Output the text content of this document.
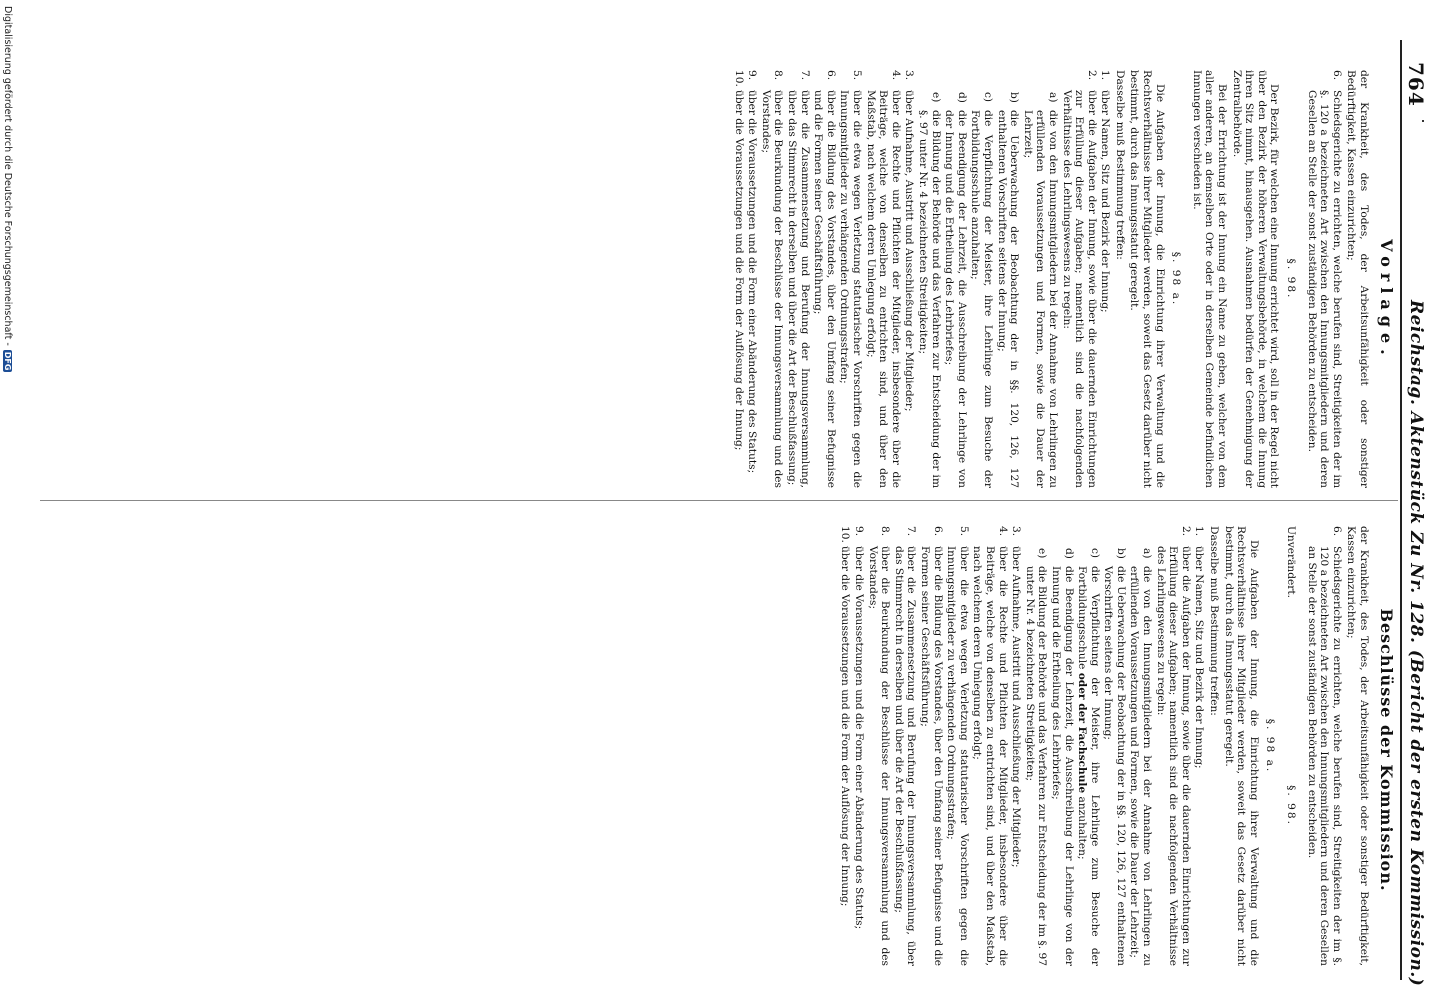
764
Reichstag. Aktenstück Zu Nr. 128. (Bericht der ersten Kommission.)
Vorlage.
Beschlüsse der Kommission.

der Krankheit, des Todes, der Arbeitsunfähigkeit oder sonstiger Bedürftigkeit, Kassen einzurichten;

6.
Schiedsgerichte zu errichten, welche berufen sind, Streitigkeiten der im §. 120 a bezeichneten Art zwischen den Innungsmitgliedern und deren Gesellen an Stelle der sonst zuständigen Behörden zu entscheiden.
§. 98.

Der Bezirk, für welchen eine Innung errichtet wird, soll in der Regel nicht über den Bezirk der höheren Verwaltungsbehörde, in welchem die Innung ihren Sitz nimmt, hinausgehen. Ausnahmen bedürfen der Genehmigung der Zentralbehörde.

Bei der Errichtung ist der Innung ein Name zu geben, welcher von dem aller anderen, an demselben Orte oder in derselben Gemeinde befindlichen Innungen verschieden ist.

§. 98 a.

Die Aufgaben der Innung, die Einrichtung ihrer Verwaltung und die Rechtsverhältnisse ihrer Mitglieder werden, soweit das Gesetz darüber nicht bestimmt, durch das Innungsstatut geregelt.

Dasselbe muß Bestimmung treffen:

1.
über Namen, Sitz und Bezirk der Innung;
2.
über die Aufgaben der Innung, sowie über die dauernden Einrichtungen zur Erfüllung dieser Aufgaben; namentlich sind die nachfolgenden Verhältnisse des Lehrlingswesens zu regeln:
a)
die von den Innungsmitgliedern bei der Annahme von Lehrlingen zu erfüllenden Voraussetzungen und Formen, sowie die Dauer der Lehrzeit;
b)
die Ueberwachung der Beobachtung der in §§. 120, 126, 127 enthaltenen Vorschriften seitens der Innung;
c)
die Verpflichtung der Meister, ihre Lehrlinge zum Besuche der Fortbildungsschule anzuhalten;
d)
die Beendigung der Lehrzeit, die Ausschreibung der Lehrlinge von der Innung und die Ertheilung des Lehrbriefes;
e)
die Bildung der Behörde und das Verfahren zur Entscheidung der im §. 97 unter Nr. 4 bezeichneten Streitigkeiten;
3.
über Aufnahme, Austritt und Ausschließung der Mitglieder;
4.
über die Rechte und Pflichten der Mitglieder, insbesondere über die Beiträge, welche von denselben zu entrichten sind, und über den Maßstab, nach welchem deren Umlegung erfolgt;
5.
über die etwa wegen Verletzung statutarischer Vorschriften gegen die Innungsmitglieder zu verhängenden Ordnungsstrafen;
6.
über die Bildung des Vorstandes, über den Umfang seiner Befugnisse und die Formen seiner Geschäftsführung;
7.
über die Zusammensetzung und Berufung der Innungsversammlung, über das Stimmrecht in derselben und über die Art der Beschlußfassung;
8.
über die Beurkundung der Beschlüsse der Innungsversammlung und des Vorstandes;
9.
über die Voraussetzungen und die Form einer Abänderung des Statuts;
10.
über die Voraussetzungen und die Form der Auflösung der Innung;

der Krankheit, des Todes, der Arbeitsunfähigkeit oder sonstiger Bedürftigkeit, Kassen einzurichten;

6.
Schiedsgerichte zu errichten, welche berufen sind, Streitigkeiten der im §. 120 a bezeichneten Art zwischen den Innungsmitgliedern und deren Gesellen an Stelle der sonst zuständigen Behörden zu entscheiden.
Unverändert.
§. 98.
§. 98 a.

Die Aufgaben der Innung, die Einrichtung ihrer Verwaltung und die Rechtsverhältnisse ihrer Mitglieder werden, soweit das Gesetz darüber nicht bestimmt, durch das Innungsstatut geregelt.

Dasselbe muß Bestimmung treffen:

1.
über Namen, Sitz und Bezirk der Innung;
2.
über die Aufgaben der Innung, sowie über die dauernden Einrichtungen zur Erfüllung dieser Aufgaben; namentlich sind die nachfolgenden Verhältnisse des Lehrlingswesens zu regeln:
a)
die von den Innungsmitgliedern bei der Annahme von Lehrlingen zu erfüllenden Voraussetzungen und Formen, sowie die Dauer der Lehrzeit;
b)
die Ueberwachung der Beobachtung der in §§. 120, 126, 127 enthaltenen Vorschriften seitens der Innung;
c)
die Verpflichtung der Meister, ihre Lehrlinge zum Besuche der Fortbildungsschule oder der Fachschule anzuhalten;
d)
die Beendigung der Lehrzeit, die Ausschreibung der Lehrlinge von der Innung und die Ertheilung des Lehrbriefes;
e)
die Bildung der Behörde und das Verfahren zur Entscheidung der im §. 97 unter Nr. 4 bezeichneten Streitigkeiten;
3.
über Aufnahme, Austritt und Ausschließung der Mitglieder;
4.
über die Rechte und Pflichten der Mitglieder, insbesondere über die Beiträge, welche von denselben zu entrichten sind, und über den Maßstab, nach welchem deren Umlegung erfolgt;
5.
über die etwa wegen Verletzung statutarischer Vorschriften gegen die Innungsmitglieder zu verhängenden Ordnungsstrafen;
6.
über die Bildung des Vorstandes, über den Umfang seiner Befugnisse und die Formen seiner Geschäftsführung;
7.
über die Zusammensetzung und Berufung der Innungsversammlung, über das Stimmrecht in derselben und über die Art der Beschlußfassung;
8.
über die Beurkundung der Beschlüsse der Innungsversammlung und des Vorstandes;
9.
über die Voraussetzungen und die Form einer Abänderung des Statuts;
10.
über die Voraussetzungen und die Form der Auflösung der Innung;
Digitalisierung gefördert durch die Deutsche Forschungsgemeinschaft -
DFG
